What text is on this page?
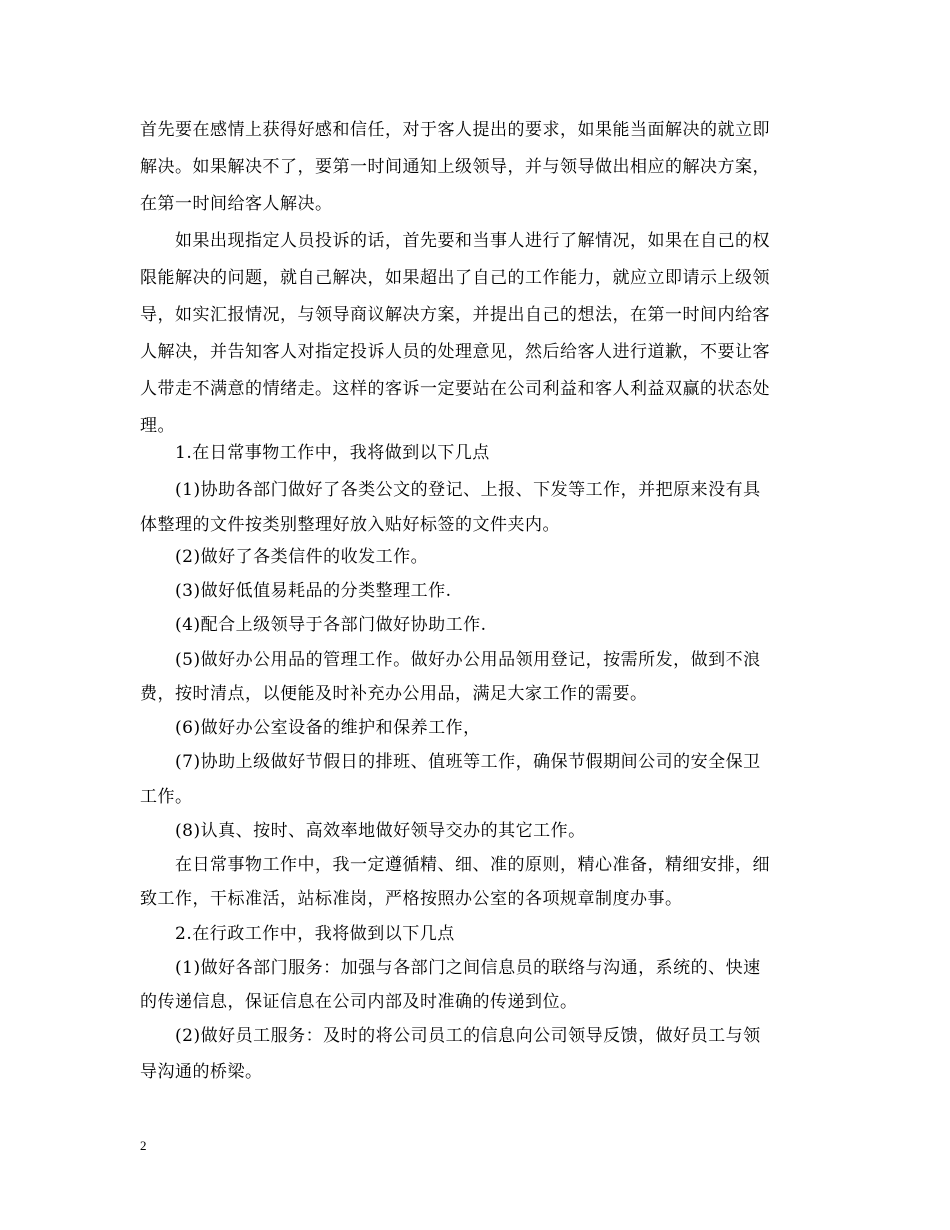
首先要在感情上获得好感和信任，对于客人提出的要求，如果能当面解决的就立即
解决。如果解决不了，要第一时间通知上级领导，并与领导做出相应的解决方案，
在第一时间给客人解决。
如果出现指定人员投诉的话，首先要和当事人进行了解情况，如果在自己的权
限能解决的问题，就自己解决，如果超出了自己的工作能力，就应立即请示上级领
导，如实汇报情况，与领导商议解决方案，并提出自己的想法，在第一时间内给客
人解决，并告知客人对指定投诉人员的处理意见，然后给客人进行道歉，不要让客
人带走不满意的情绪走。这样的客诉一定要站在公司利益和客人利益双赢的状态处
理。
1.在日常事物工作中，我将做到以下几点
(1)协助各部门做好了各类公文的登记、上报、下发等工作，并把原来没有具
体整理的文件按类别整理好放入贴好标签的文件夹内。
(2)做好了各类信件的收发工作。
(3)做好低值易耗品的分类整理工作.
(4)配合上级领导于各部门做好协助工作.
(5)做好办公用品的管理工作。做好办公用品领用登记，按需所发，做到不浪
费，按时清点，以便能及时补充办公用品，满足大家工作的需要。
(6)做好办公室设备的维护和保养工作，
(7)协助上级做好节假日的排班、值班等工作，确保节假期间公司的安全保卫
工作。
(8)认真、按时、高效率地做好领导交办的其它工作。
在日常事物工作中，我一定遵循精、细、准的原则，精心准备，精细安排，细
致工作，干标准活，站标准岗，严格按照办公室的各项规章制度办事。
2.在行政工作中，我将做到以下几点
(1)做好各部门服务：加强与各部门之间信息员的联络与沟通，系统的、快速
的传递信息，保证信息在公司内部及时准确的传递到位。
(2)做好员工服务：及时的将公司员工的信息向公司领导反馈，做好员工与领
导沟通的桥梁。
2
